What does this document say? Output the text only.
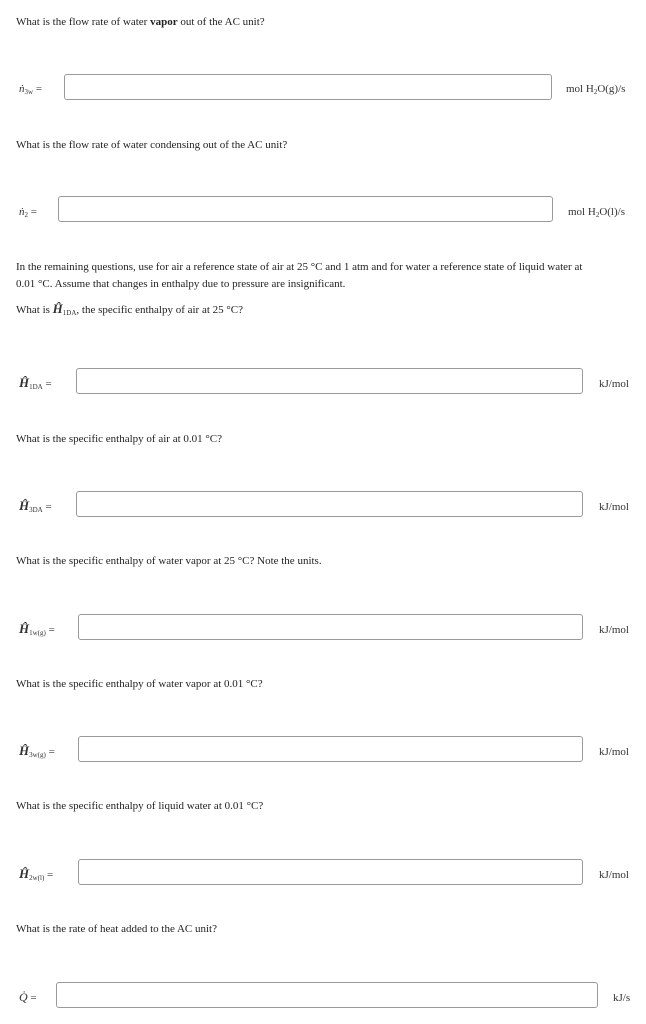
What is the flow rate of water vapor out of the AC unit?
ṅ$_{3w}$ =	mol $H_2O(g)/s$
What is the flow rate of water condensing out of the AC unit?
ṅ$_2$ =	mol $H_2O(l)/s$
In the remaining questions, use for air a reference state of air at 25 °C and 1 atm and for water a reference state of liquid water at
0.01 °C. Assume that changes in enthalpy due to pressure are insignificant.
What is $Ĥ_{1DA}$, the specific enthalpy of air at 25 °C?
$Ĥ_{1DA}$ =	kJ/mol
What is the specific enthalpy of air at 0.01 °C?
$Ĥ_{3DA}$ =	kJ/mol
What is the specific enthalpy of water vapor at 25 °C? Note the units.
$Ĥ_{1w(g)}$ =	kJ/mol
What is the specific enthalpy of water vapor at 0.01 °C?
$Ĥ_{3w(g)}$ =	kJ/mol
What is the specific enthalpy of liquid water at 0.01 °C?
$Ĥ_{2w(l)}$ =	kJ/mol
What is the rate of heat added to the AC unit?
Q̇ =	kJ/s
